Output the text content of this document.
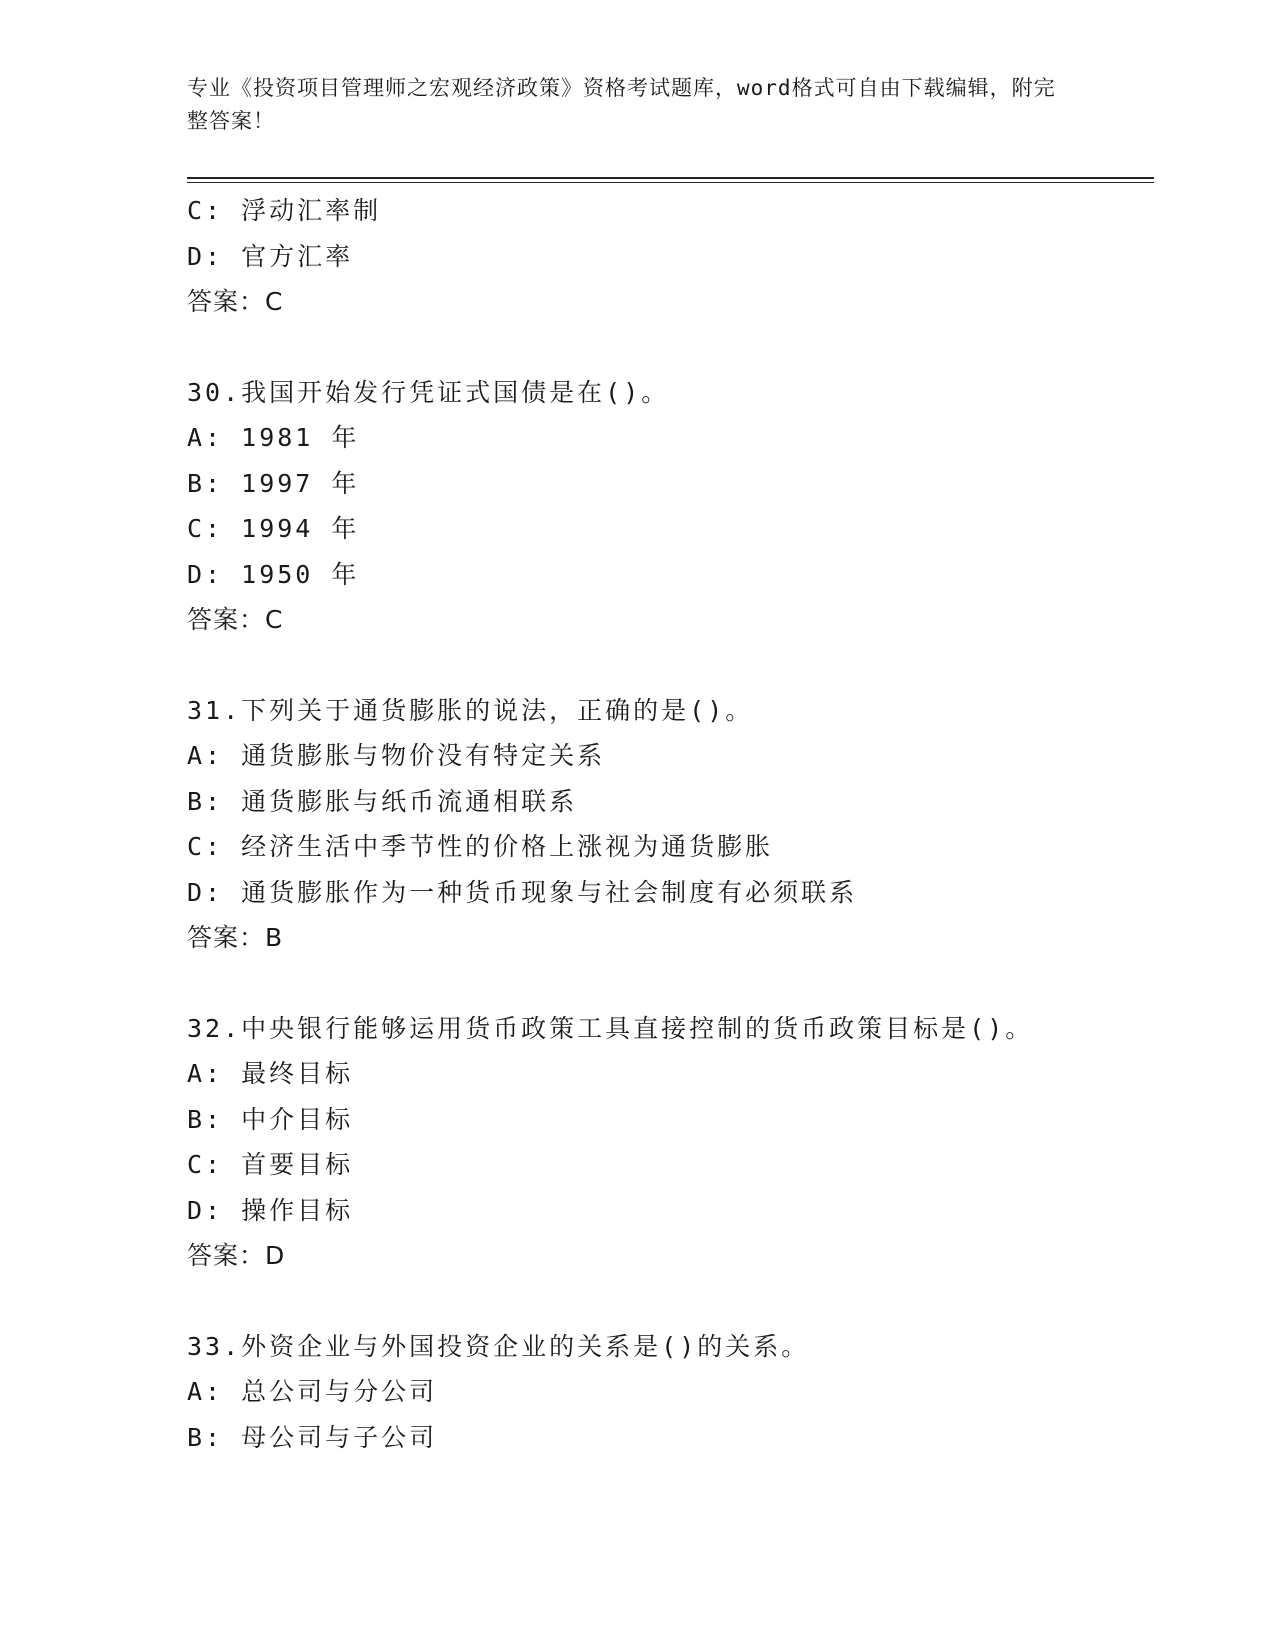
专业《投资项目管理师之宏观经济政策》资格考试题库，word格式可自由下载编辑，附完整答案！
C: 浮动汇率制
D: 官方汇率
答案：C
30.我国开始发行凭证式国债是在()。
A: 1981 年
B: 1997 年
C: 1994 年
D: 1950 年
答案：C
31.下列关于通货膨胀的说法，正确的是()。
A: 通货膨胀与物价没有特定关系
B: 通货膨胀与纸币流通相联系
C: 经济生活中季节性的价格上涨视为通货膨胀
D: 通货膨胀作为一种货币现象与社会制度有必须联系
答案：B
32.中央银行能够运用货币政策工具直接控制的货币政策目标是()。
A: 最终目标
B: 中介目标
C: 首要目标
D: 操作目标
答案：D
33.外资企业与外国投资企业的关系是()的关系。
A: 总公司与分公司
B: 母公司与子公司
